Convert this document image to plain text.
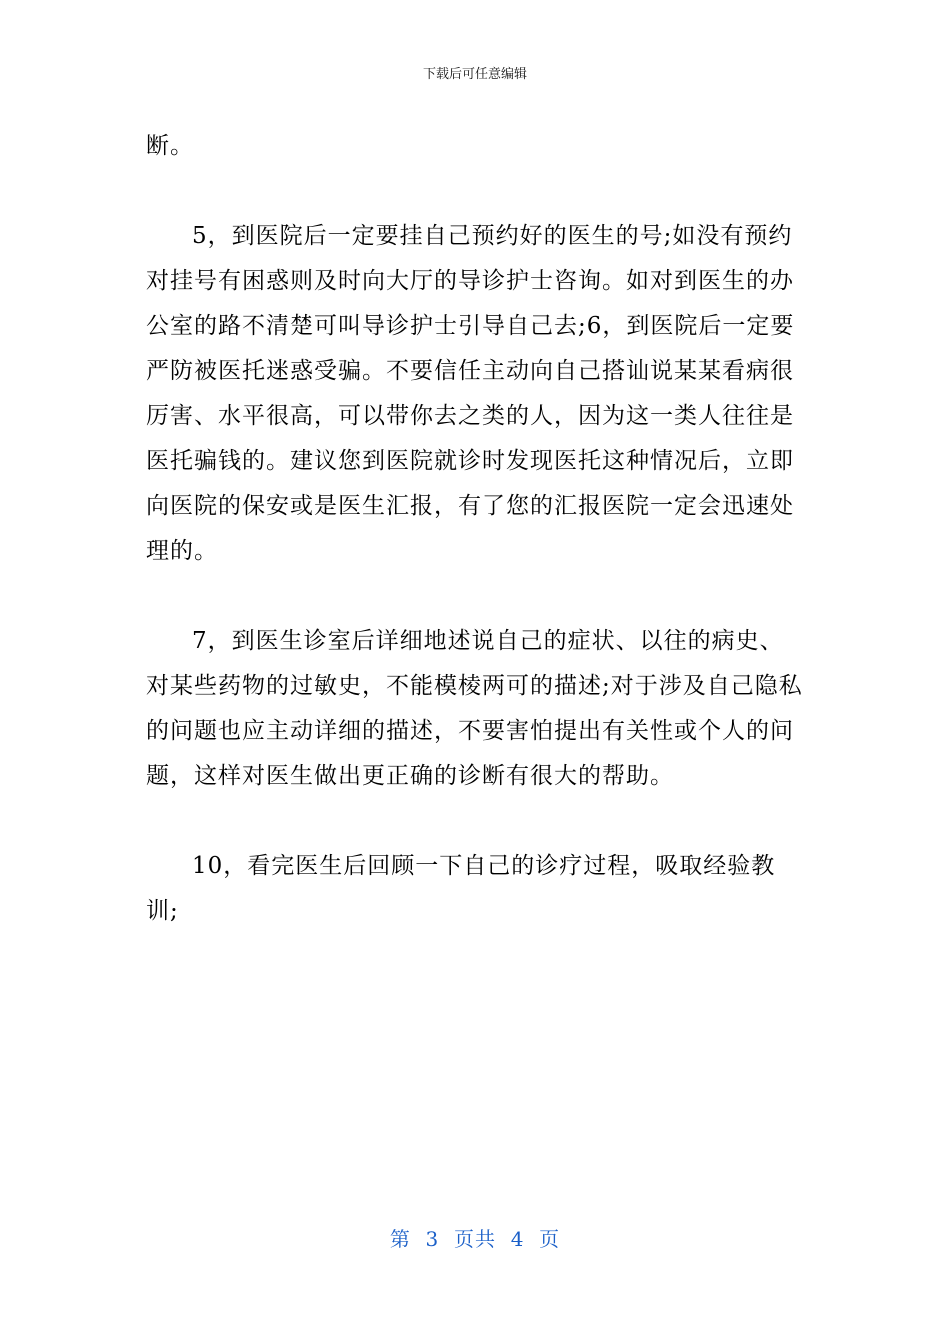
下载后可任意编辑

断。

5，到医院后一定要挂自己预约好的医生的号;如没有预约对挂号有困惑则及时向大厅的导诊护士咨询。如对到医生的办公室的路不清楚可叫导诊护士引导自己去;6，到医院后一定要严防被医托迷惑受骗。不要信任主动向自己搭讪说某某看病很厉害、水平很高，可以带你去之类的人，因为这一类人往往是医托骗钱的。建议您到医院就诊时发现医托这种情况后，立即向医院的保安或是医生汇报，有了您的汇报医院一定会迅速处理的。

7，到医生诊室后详细地述说自己的症状、以往的病史、对某些药物的过敏史，不能模棱两可的描述;对于涉及自己隐私的问题也应主动详细的描述，不要害怕提出有关性或个人的问题，这样对医生做出更正确的诊断有很大的帮助。

10，看完医生后回顾一下自己的诊疗过程，吸取经验教训;

第  3  页共  4  页
